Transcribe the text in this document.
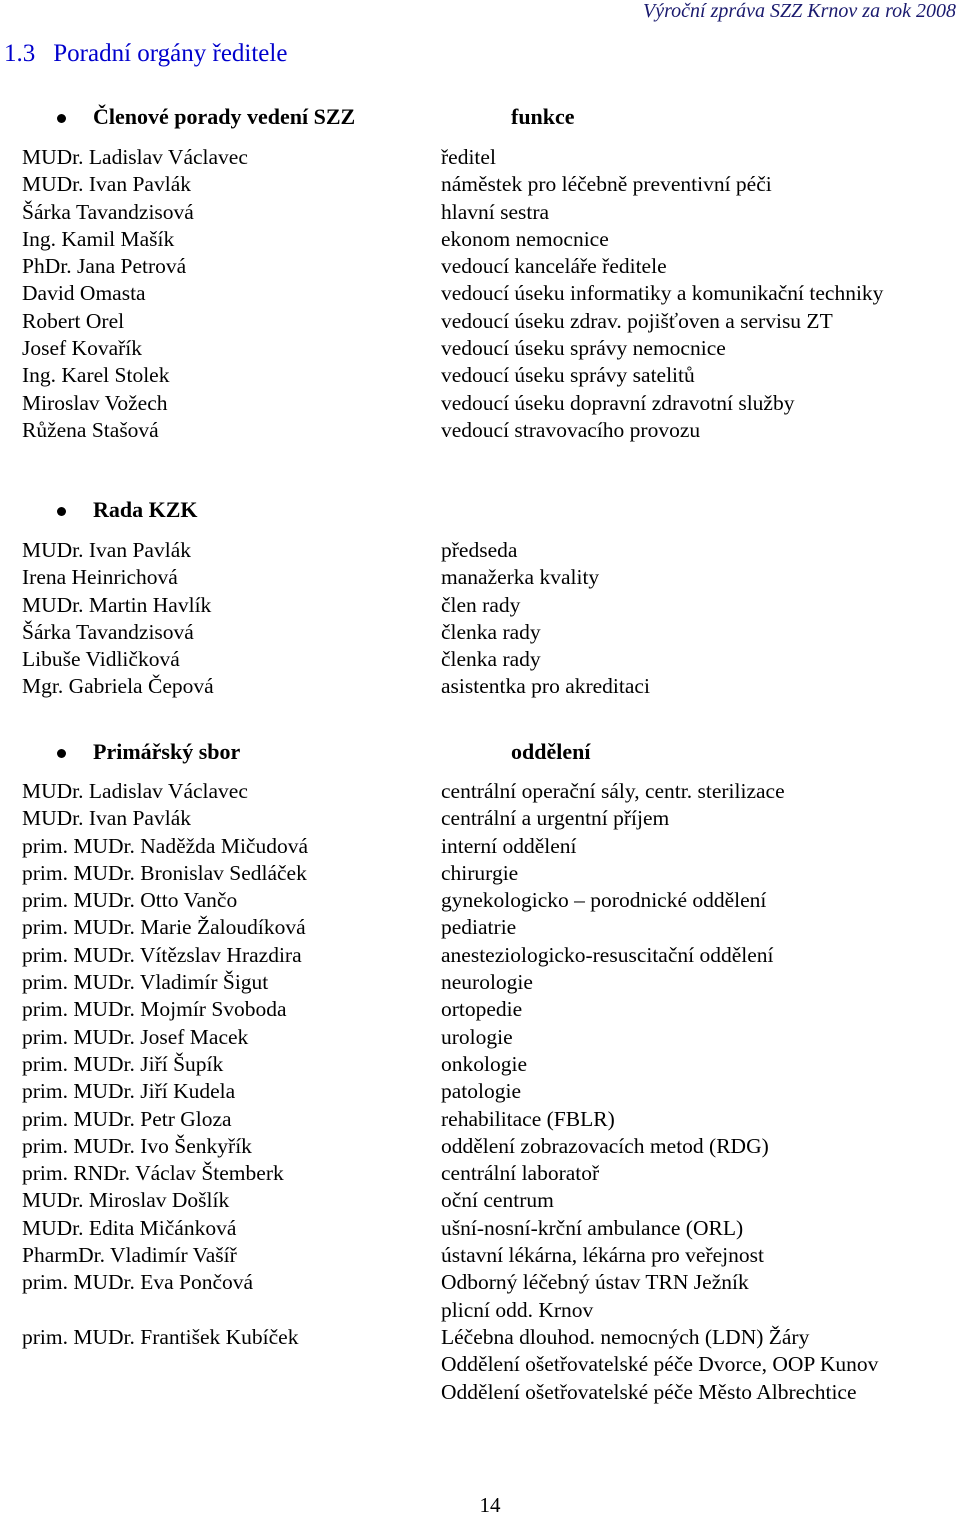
Výroční zpráva SZZ Krnov za rok 2008
1.3 Poradní orgány ředitele
Členové porady vedení SZZ	funkce
MUDr. Ladislav Václavec	ředitel
MUDr. Ivan Pavlák	náměstek pro léčebně preventivní péči
Šárka Tavandzisová	hlavní sestra
Ing. Kamil Mašík	ekonom nemocnice
PhDr. Jana Petrová	vedoucí kanceláře ředitele
David Omasta	vedoucí úseku informatiky a komunikační techniky
Robert Orel	vedoucí úseku zdrav. pojišťoven a servisu ZT
Josef Kovařík	vedoucí úseku správy nemocnice
Ing. Karel Stolek	vedoucí úseku správy satelitů
Miroslav Vožech	vedoucí úseku dopravní zdravotní služby
Růžena Stašová	vedoucí stravovacího provozu
Rada KZK
MUDr. Ivan Pavlák	předseda
Irena Heinrichová	manažerka kvality
MUDr. Martin Havlík	člen rady
Šárka Tavandzisová	členka rady
Libuše Vidličková	členka rady
Mgr. Gabriela Čepová	asistentka pro akreditaci
Primářský sbor	oddělení
MUDr. Ladislav Václavec	centrální operační sály, centr. sterilizace
MUDr. Ivan Pavlák	centrální a urgentní příjem
prim. MUDr. Naděžda Mičudová	interní oddělení
prim. MUDr. Bronislav Sedláček	chirurgie
prim. MUDr. Otto Vančo	gynekologicko – porodnické oddělení
prim. MUDr. Marie Žaloudíková	pediatrie
prim. MUDr. Vítězslav Hrazdira	anesteziologicko-resuscitační oddělení
prim. MUDr. Vladimír Šigut	neurologie
prim. MUDr. Mojmír Svoboda	ortopedie
prim. MUDr. Josef Macek	urologie
prim. MUDr. Jiří Šupík	onkologie
prim. MUDr. Jiří Kudela	patologie
prim. MUDr. Petr Gloza	rehabilitace (FBLR)
prim. MUDr. Ivo Šenkyřík	oddělení zobrazovacích metod (RDG)
prim. RNDr. Václav Štemberk	centrální laboratoř
MUDr. Miroslav Došlík	oční centrum
MUDr. Edita Mičánková	ušní-nosní-krční ambulance (ORL)
PharmDr. Vladimír Vašíř	ústavní lékárna, lékárna pro veřejnost
prim. MUDr. Eva Pončová	Odborný léčebný ústav TRN Ježník
plicní odd. Krnov
prim. MUDr. František Kubíček	Léčebna dlouhod. nemocných (LDN) Žáry
Oddělení ošetřovatelské péče Dvorce, OOP Kunov
Oddělení ošetřovatelské péče Město Albrechtice
14
